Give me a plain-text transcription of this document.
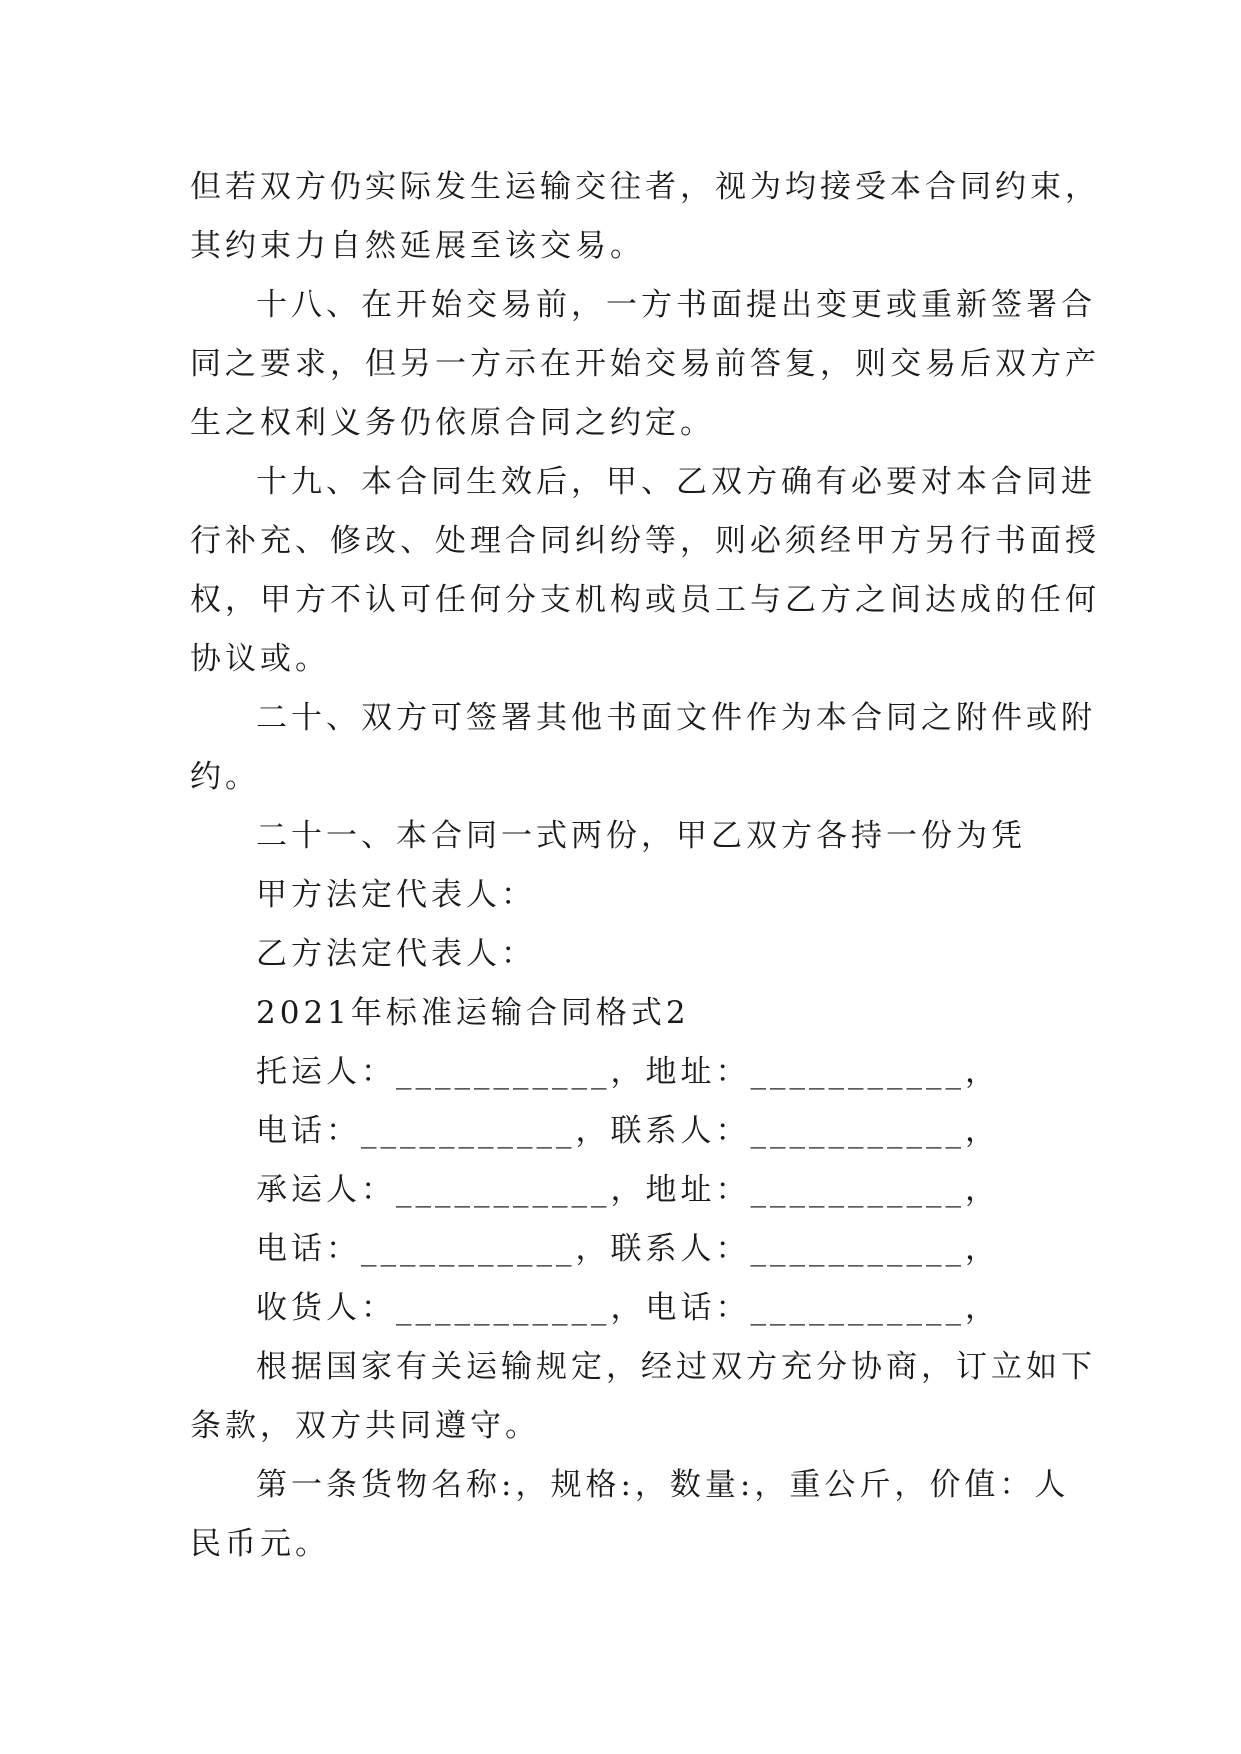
但若双方仍实际发生运输交往者，视为均接受本合同约束，
其约束力自然延展至该交易。
十八、在开始交易前，一方书面提出变更或重新签署合
同之要求，但另一方示在开始交易前答复，则交易后双方产
生之权利义务仍依原合同之约定。
十九、本合同生效后，甲、乙双方确有必要对本合同进
行补充、修改、处理合同纠纷等，则必须经甲方另行书面授
权，甲方不认可任何分支机构或员工与乙方之间达成的任何
协议或。
二十、双方可签署其他书面文件作为本合同之附件或附
约。
二十一、本合同一式两份，甲乙双方各持一份为凭
甲方法定代表人：
乙方法定代表人：
2021年标准运输合同格式2
托运人：___________，地址：___________，
电话：___________，联系人：___________，
承运人：___________，地址：___________，
电话：___________，联系人：___________，
收货人：___________，电话：___________，
根据国家有关运输规定，经过双方充分协商，订立如下
条款，双方共同遵守。
第一条货物名称:，规格:，数量:，重公斤，价值：人
民币元。
